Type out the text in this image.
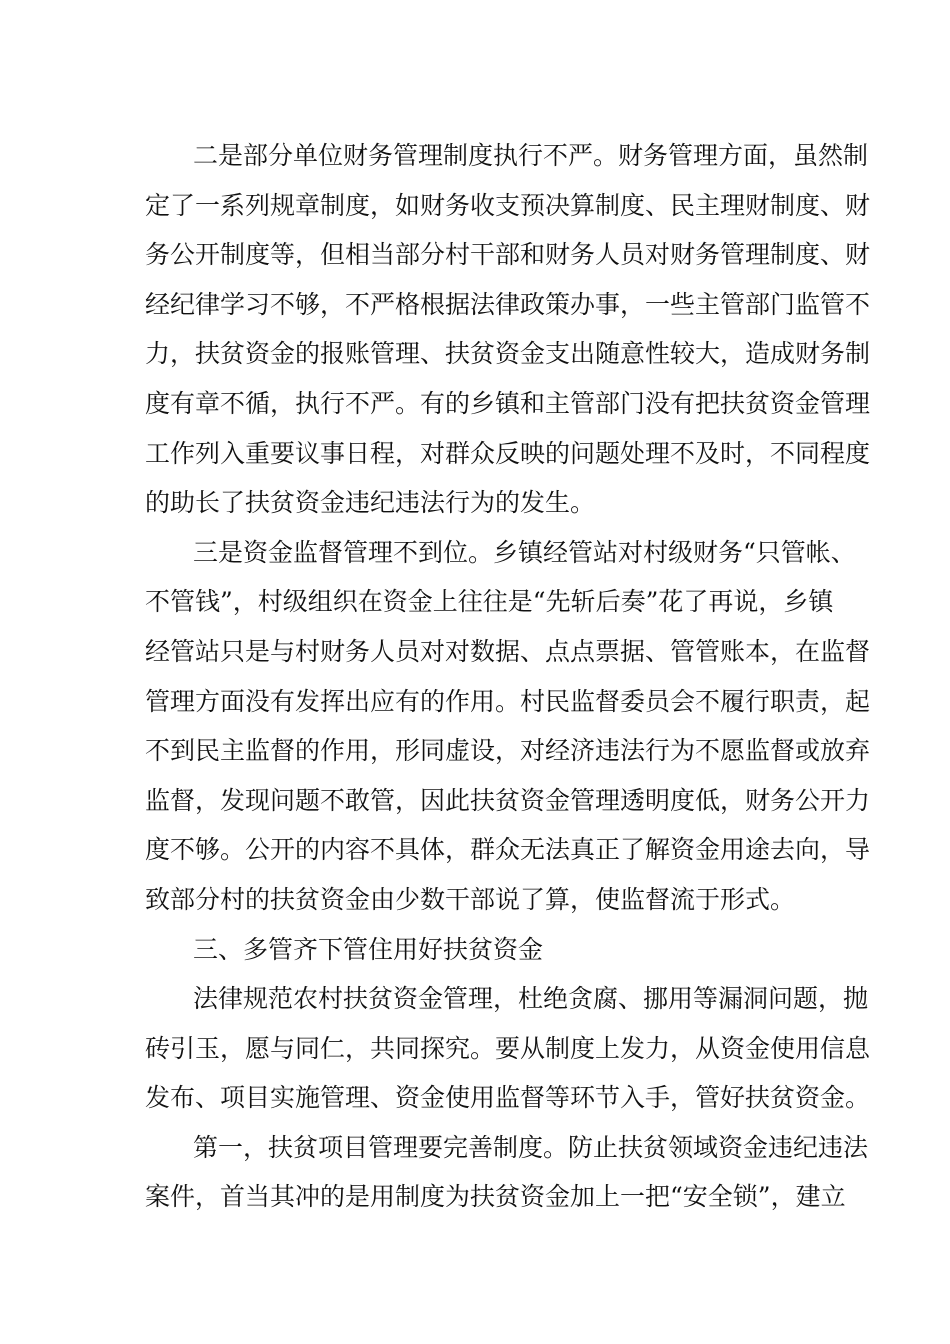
二是部分单位财务管理制度执行不严。财务管理方面，虽然制
定了一系列规章制度，如财务收支预决算制度、民主理财制度、财
务公开制度等，但相当部分村干部和财务人员对财务管理制度、财
经纪律学习不够，不严格根据法律政策办事，一些主管部门监管不
力，扶贫资金的报账管理、扶贫资金支出随意性较大，造成财务制
度有章不循，执行不严。有的乡镇和主管部门没有把扶贫资金管理
工作列入重要议事日程，对群众反映的问题处理不及时，不同程度
的助长了扶贫资金违纪违法行为的发生。
三是资金监督管理不到位。乡镇经管站对村级财务“只管帐、
不管钱”，村级组织在资金上往往是“先斩后奏”花了再说，乡镇
经管站只是与村财务人员对对数据、点点票据、管管账本，在监督
管理方面没有发挥出应有的作用。村民监督委员会不履行职责，起
不到民主监督的作用，形同虚设，对经济违法行为不愿监督或放弃
监督，发现问题不敢管，因此扶贫资金管理透明度低，财务公开力
度不够。公开的内容不具体，群众无法真正了解资金用途去向，导
致部分村的扶贫资金由少数干部说了算，使监督流于形式。
三、多管齐下管住用好扶贫资金
法律规范农村扶贫资金管理，杜绝贪腐、挪用等漏洞问题，抛
砖引玉，愿与同仁，共同探究。要从制度上发力，从资金使用信息
发布、项目实施管理、资金使用监督等环节入手，管好扶贫资金。
第一，扶贫项目管理要完善制度。防止扶贫领域资金违纪违法
案件，首当其冲的是用制度为扶贫资金加上一把“安全锁”，建立
